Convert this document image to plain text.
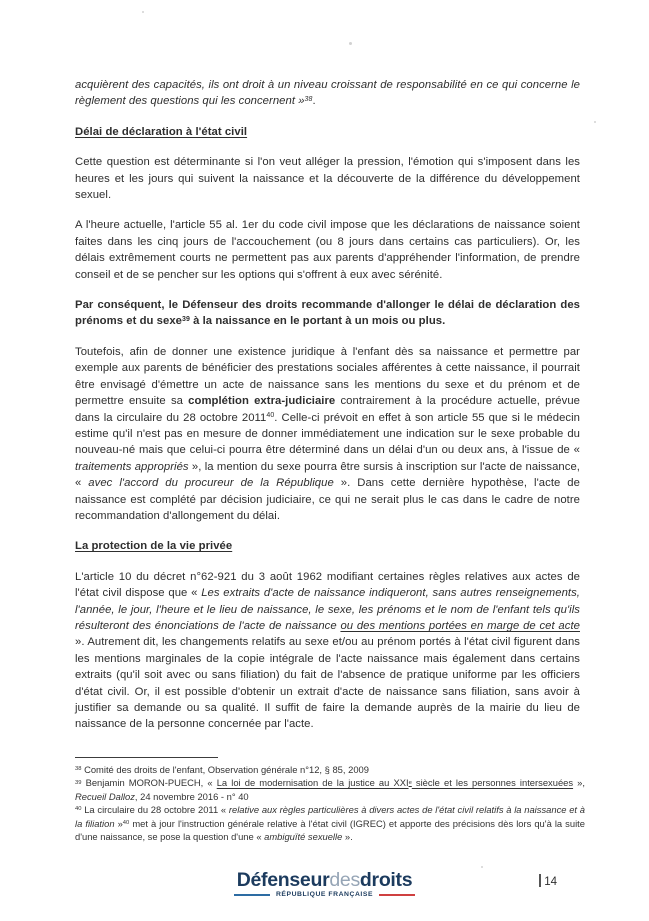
acquièrent des capacités, ils ont droit à un niveau croissant de responsabilité en ce qui concerne le règlement des questions qui les concernent »$^{38}$.
Délai de déclaration à l'état civil
Cette question est déterminante si l'on veut alléger la pression, l'émotion qui s'imposent dans les heures et les jours qui suivent la naissance et la découverte de la différence du développement sexuel.
A l'heure actuelle, l'article 55 al. 1er du code civil impose que les déclarations de naissance soient faites dans les cinq jours de l'accouchement (ou 8 jours dans certains cas particuliers). Or, les délais extrêmement courts ne permettent pas aux parents d'appréhender l'information, de prendre conseil et de se pencher sur les options qui s'offrent à eux avec sérénité.
Par conséquent, le Défenseur des droits recommande d'allonger le délai de déclaration des prénoms et du sexe$^{39}$ à la naissance en le portant à un mois ou plus.
Toutefois, afin de donner une existence juridique à l'enfant dès sa naissance et permettre par exemple aux parents de bénéficier des prestations sociales afférentes à cette naissance, il pourrait être envisagé d'émettre un acte de naissance sans les mentions du sexe et du prénom et de permettre ensuite sa complétion extra-judiciaire contrairement à la procédure actuelle, prévue dans la circulaire du 28 octobre 2011$^{40}$. Celle-ci prévoit en effet à son article 55 que si le médecin estime qu'il n'est pas en mesure de donner immédiatement une indication sur le sexe probable du nouveau-né mais que celui-ci pourra être déterminé dans un délai d'un ou deux ans, à l'issue de « traitements appropriés », la mention du sexe pourra être sursis à inscription sur l'acte de naissance, « avec l'accord du procureur de la République ». Dans cette dernière hypothèse, l'acte de naissance est complété par décision judiciaire, ce qui ne serait plus le cas dans le cadre de notre recommandation d'allongement du délai.
La protection de la vie privée
L'article 10 du décret n°62-921 du 3 août 1962 modifiant certaines règles relatives aux actes de l'état civil dispose que « Les extraits d'acte de naissance indiqueront, sans autres renseignements, l'année, le jour, l'heure et le lieu de naissance, le sexe, les prénoms et le nom de l'enfant tels qu'ils résulteront des énonciations de l'acte de naissance ou des mentions portées en marge de cet acte ». Autrement dit, les changements relatifs au sexe et/ou au prénom portés à l'état civil figurent dans les mentions marginales de la copie intégrale de l'acte naissance mais également dans certains extraits (qu'il soit avec ou sans filiation) du fait de l'absence de pratique uniforme par les officiers d'état civil. Or, il est possible d'obtenir un extrait d'acte de naissance sans filiation, sans avoir à justifier sa demande ou sa qualité. Il suffit de faire la demande auprès de la mairie du lieu de naissance de la personne concernée par l'acte.
$^{38}$ Comité des droits de l'enfant, Observation générale n°12, § 85, 2009
$^{39}$ Benjamin MORON-PUECH, « La loi de modernisation de la justice au XXIe siècle et les personnes intersexuées », Recueil Dalloz, 24 novembre 2016 - n° 40
$^{40}$ La circulaire du 28 octobre 2011 « relative aux règles particulières à divers actes de l'état civil relatifs à la naissance et à la filiation »$^{40}$ met à jour l'instruction générale relative à l'état civil (IGREC) et apporte des précisions dès lors qu'à la suite d'une naissance, se pose la question d'une « ambiguïté sexuelle ».
Défenseurdesdroits
RÉPUBLIQUE FRANÇAISE
14
